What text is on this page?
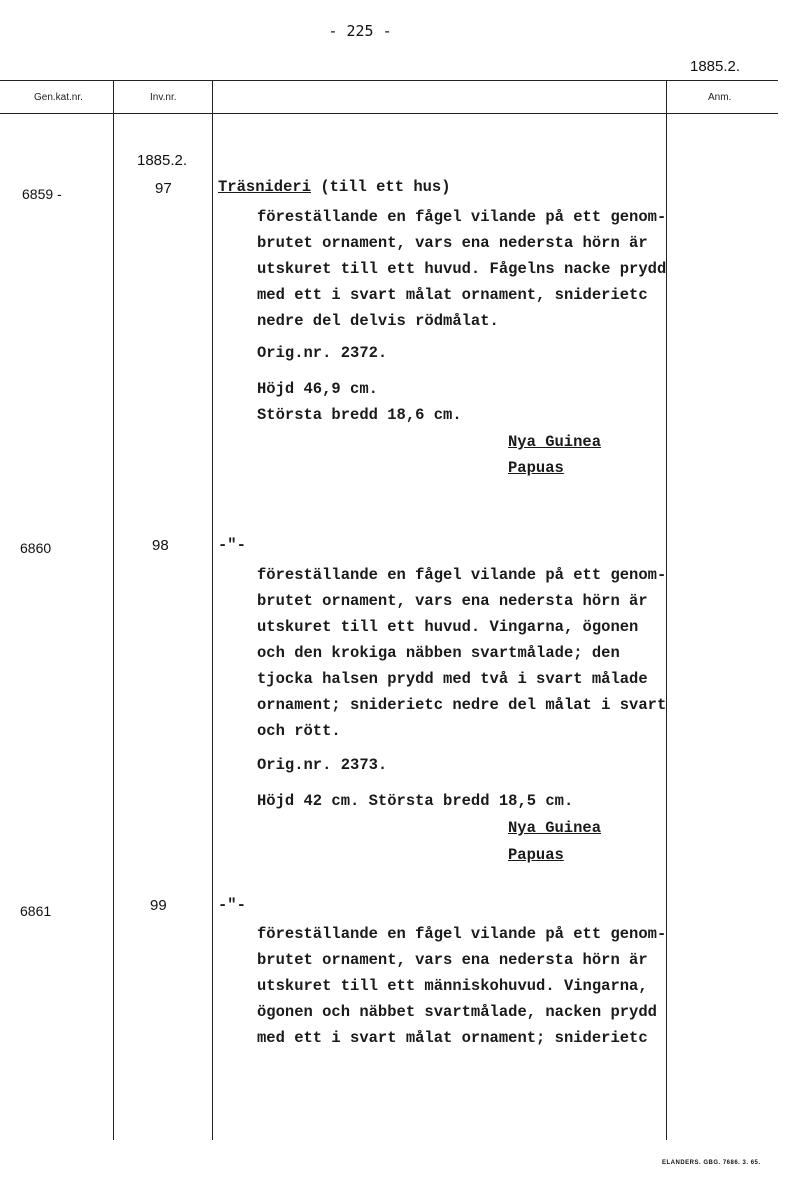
- 225 -
1885.2.
Gen.kat.nr.	Inv.nr.	Anm.
1885.2.
6859 -	97	Träsnideri (till ett hus)
föreställande en fågel vilande på ett genom-
brutet ornament, vars ena nedersta hörn är
utskuret till ett huvud. Fågelns nacke prydd
med ett i svart målat ornament, sniderietc
nedre del delvis rödmålat.
Orig.nr. 2372.
Höjd 46,9 cm.
Största bredd 18,6 cm.
Nya Guinea
Papuas
6860	98	-"-
föreställande en fågel vilande på ett genom-
brutet ornament, vars ena nedersta hörn är
utskuret till ett huvud. Vingarna, ögonen
och den krokiga näbben svartmålade; den
tjocka halsen prydd med två i svart målade
ornament; sniderietc nedre del målat i svart
och rött.
Orig.nr. 2373.
Höjd 42 cm. Största bredd 18,5 cm.
Nya Guinea
Papuas
6861	99	-"-
föreställande en fågel vilande på ett genom-
brutet ornament, vars ena nedersta hörn är
utskuret till ett människohuvud. Vingarna,
ögonen och näbbet svartmålade, nacken prydd
med ett i svart målat ornament; sniderietc
ELANDERS. GBG. 7686. 3. 65.
